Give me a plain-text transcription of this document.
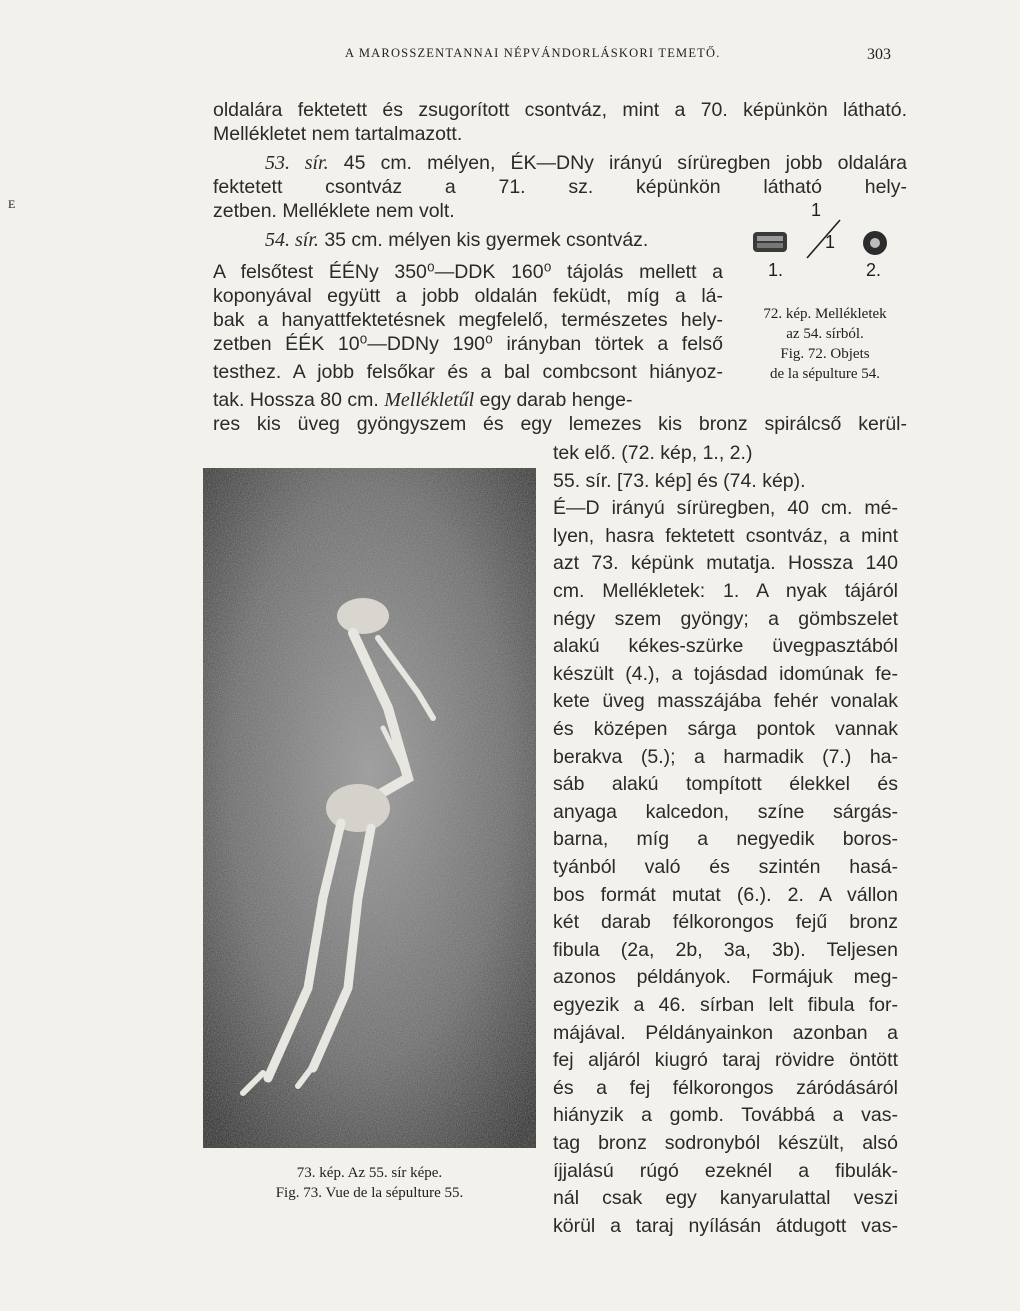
A MAROSSZENTANNAI NÉPVÁNDORLÁSKORI TEMETŐ.	303
E
oldalára fektetett és zsugorított csontváz, mint a 70. képünkön látható.
Mellékletet nem tartalmazott.
53. sír. 45 cm. mélyen, ÉK—DNy irányú sírüregben jobb oldalára
fektetett csontváz a 71. sz. képünkön látható hely-
zetben. Melléklete nem volt.
54. sír. 35 cm. mélyen kis gyermek csontváz.
A felsőtest ÉÉNy 350⁰—DDK 160⁰ tájolás mellett a
koponyával együtt a jobb oldalán feküdt, míg a lá-
bak a hanyattfektetésnek megfelelő, természetes hely-
zetben ÉÉK 10⁰—DDNy 190⁰ irányban törtek a felső
testhez. A jobb felsőkar és a bal combcsont hiányoz-
tak. Hossza 80 cm. Mellékletűl egy darab henge-
res kis üveg gyöngyszem és egy lemezes kis bronz spirálcső kerül-
1
1
1.	2.
72. kép. Mellékletek
az 54. sírból.
Fig. 72. Objets
de la sépulture 54.
73. kép. Az 55. sír képe.
Fig. 73. Vue de la sépulture 55.
tek elő. (72. kép, 1., 2.)
55. sír. [73. kép] és (74. kép).
É—D irányú sírüregben, 40 cm. mé-
lyen, hasra fektetett csontváz, a mint
azt 73. képünk mutatja. Hossza 140
cm. Mellékletek: 1. A nyak tájáról
négy szem gyöngy; a gömbszelet
alakú kékes-szürke üvegpasztából
készült (4.), a tojásdad idomúnak fe-
kete üveg masszájába fehér vonalak
és középen sárga pontok vannak
berakva (5.); a harmadik (7.) ha-
sáb alakú tompított élekkel és
anyaga kalcedon, színe sárgás-
barna, míg a negyedik boros-
tyánból való és szintén hasá-
bos formát mutat (6.). 2. A vállon
két darab félkorongos fejű bronz
fibula (2a, 2b, 3a, 3b). Teljesen
azonos példányok. Formájuk meg-
egyezik a 46. sírban lelt fibula for-
májával. Példányainkon azonban a
fej aljáról kiugró taraj rövidre öntött
és a fej félkorongos záródásáról
hiányzik a gomb. Továbbá a vas-
tag bronz sodronyból készült, alsó
íjjalású rúgó ezeknél a fibulák-
nál csak egy kanyarulattal veszi
körül a taraj nyílásán átdugott vas-
